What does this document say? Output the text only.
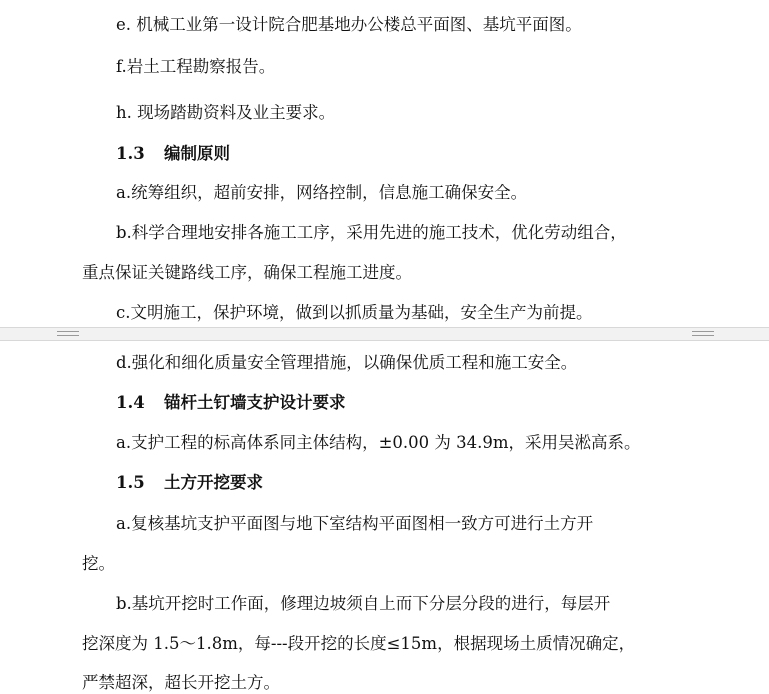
e. 机械工业第一设计院合肥基地办公楼总平面图、基坑平面图。
f.岩土工程勘察报告。
h. 现场踏勘资料及业主要求。
1.3 编制原则
a.统筹组织，超前安排，网络控制，信息施工确保安全。
b.科学合理地安排各施工工序，采用先进的施工技术，优化劳动组合，
重点保证关键路线工序，确保工程施工进度。
c.文明施工，保护环境，做到以抓质量为基础，安全生产为前提。
d.强化和细化质量安全管理措施，以确保优质工程和施工安全。
1.4 锚杆土钉墙支护设计要求
a.支护工程的标高体系同主体结构，±0.00 为 34.9m，采用吴淞高系。
1.5 土方开挖要求
a.复核基坑支护平面图与地下室结构平面图相一致方可进行土方开
挖。
b.基坑开挖时工作面，修理边坡须自上而下分层分段的进行，每层开
挖深度为 1.5～1.8m，每---段开挖的长度≤15m，根据现场土质情况确定，
严禁超深，超长开挖土方。
